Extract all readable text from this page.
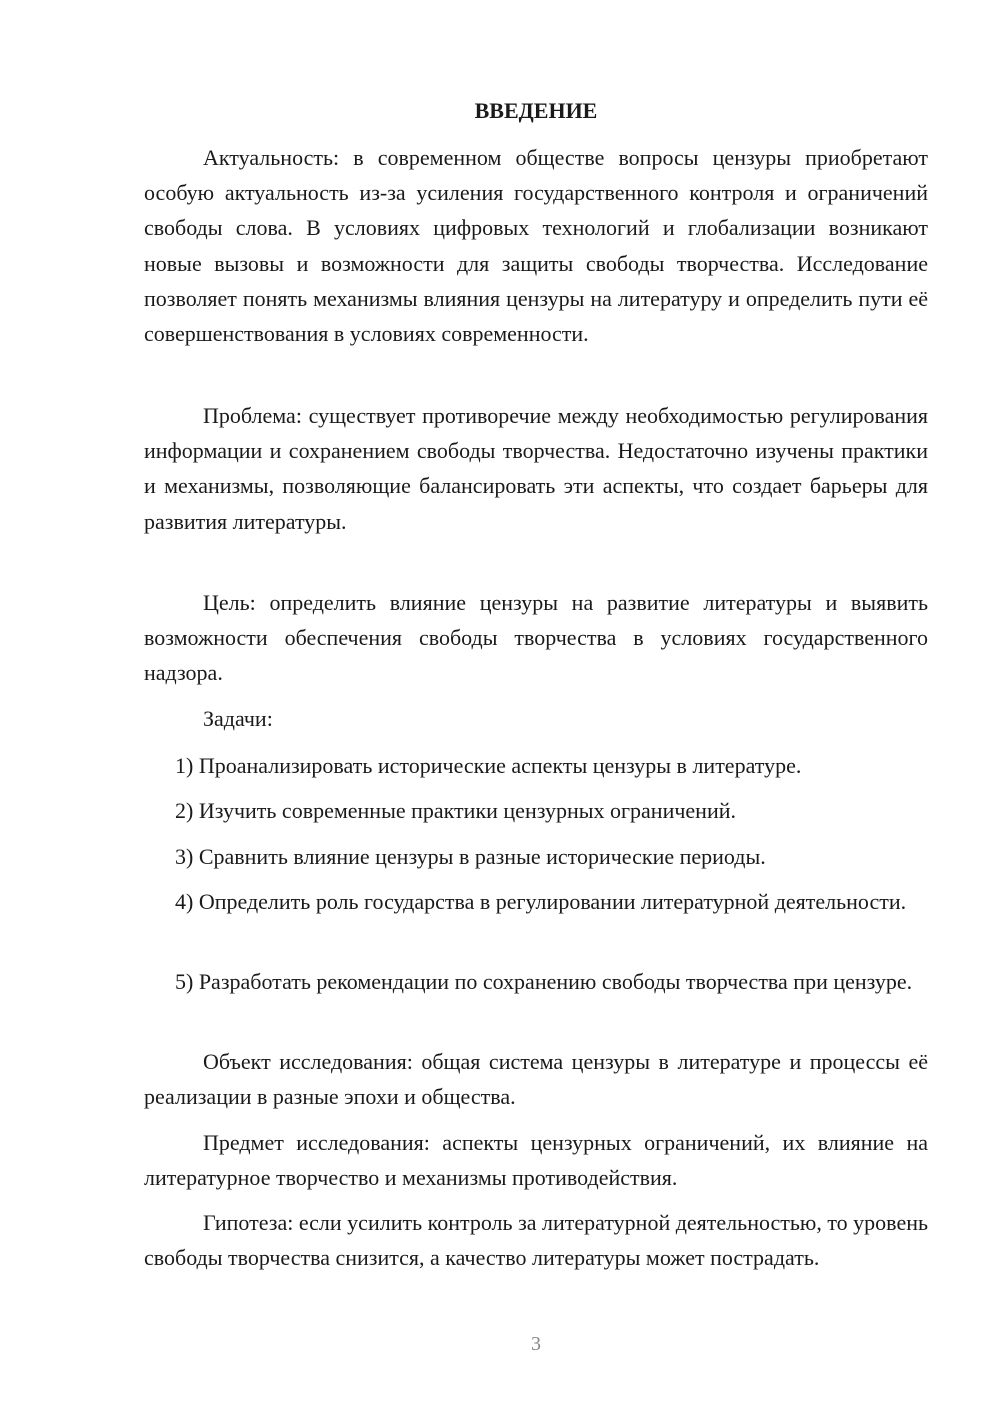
ВВЕДЕНИЕ

Актуальность: в современном обществе вопросы цензуры приобретают особую актуальность из-за усиления государственного контроля и ограничений свободы слова. В условиях цифровых технологий и глобализации возникают новые вызовы и возможности для защиты свободы творчества. Исследование позволяет понять механизмы влияния цензуры на литературу и определить пути её совершенствования в условиях современности.

Проблема: существует противоречие между необходимостью регулирования информации и сохранением свободы творчества. Недостаточно изучены практики и механизмы, позволяющие балансировать эти аспекты, что создает барьеры для развития литературы.

Цель: определить влияние цензуры на развитие литературы и выявить возможности обеспечения свободы творчества в условиях государственного надзора.

Задачи:

1) Проанализировать исторические аспекты цензуры в литературе.

2) Изучить современные практики цензурных ограничений.

3) Сравнить влияние цензуры в разные исторические периоды.

4) Определить роль государства в регулировании литературной деятельности.

5) Разработать рекомендации по сохранению свободы творчества при цензуре.

Объект исследования: общая система цензуры в литературе и процессы её реализации в разные эпохи и общества.

Предмет исследования: аспекты цензурных ограничений, их влияние на литературное творчество и механизмы противодействия.

Гипотеза: если усилить контроль за литературной деятельностью, то уровень свободы творчества снизится, а качество литературы может пострадать.

3
